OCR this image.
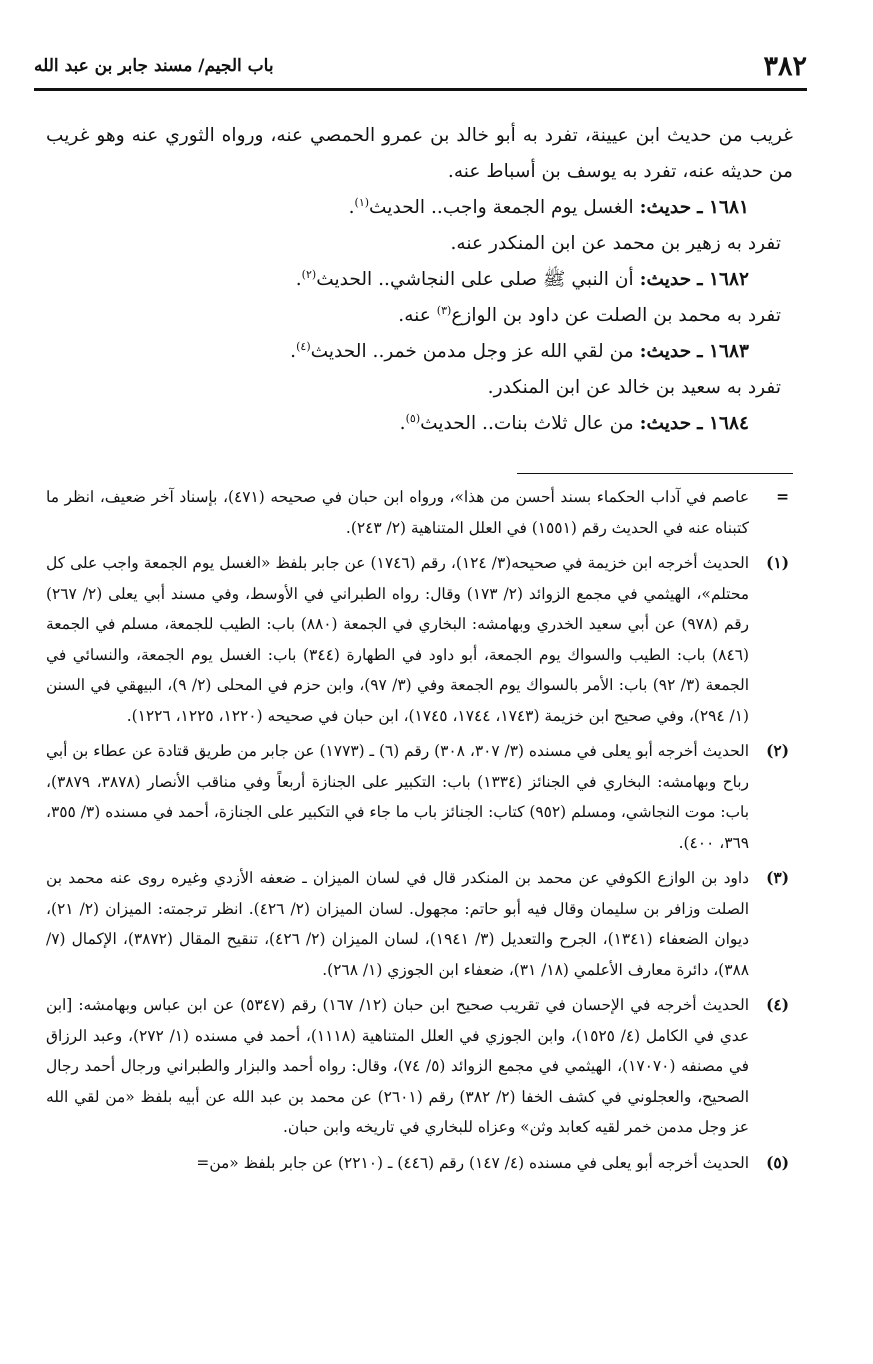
٣٨٢
باب الجيم/ مسند جابر بن عبد الله

غريب من حديث ابن عيينة، تفرد به أبو خالد بن عمرو الحمصي عنه، ورواه الثوري عنه وهو غريب من حديثه عنه، تفرد به يوسف بن أسباط عنه.

١٦٨١ ـ حديث: الغسل يوم الجمعة واجب.. الحديث$^{(١)}$.

تفرد به زهير بن محمد عن ابن المنكدر عنه.

١٦٨٢ ـ حديث: أن النبي ﷺ صلى على النجاشي.. الحديث$^{(٢)}$.

تفرد به محمد بن الصلت عن داود بن الوازع$^{(٣)}$ عنه.

١٦٨٣ ـ حديث: من لقي الله عز وجل مدمن خمر.. الحديث$^{(٤)}$.

تفرد به سعيد بن خالد عن ابن المنكدر.

١٦٨٤ ـ حديث: من عال ثلاث بنات.. الحديث$^{(٥)}$.

=
عاصم في آداب الحكماء بسند أحسن من هذا»، ورواه ابن حبان في صحيحه (٤٧١)، بإسناد آخر ضعيف، انظر ما كتبناه عنه في الحديث رقم (١٥٥١) في العلل المتناهية (٢/ ٢٤٣).
(١)
الحديث أخرجه ابن خزيمة في صحيحه(٣/ ١٢٤)، رقم (١٧٤٦) عن جابر بلفظ «الغسل يوم الجمعة واجب على كل محتلم»، الهيثمي في مجمع الزوائد (٢/ ١٧٣) وقال: رواه الطبراني في الأوسط، وفي مسند أبي يعلى (٢/ ٢٦٧) رقم (٩٧٨) عن أبي سعيد الخدري وبهامشه: البخاري في الجمعة (٨٨٠) باب: الطيب للجمعة، مسلم في الجمعة (٨٤٦) باب: الطيب والسواك يوم الجمعة، أبو داود في الطهارة (٣٤٤) باب: الغسل يوم الجمعة، والنسائي في الجمعة (٣/ ٩٢) باب: الأمر بالسواك يوم الجمعة وفي (٣/ ٩٧)، وابن حزم في المحلى (٢/ ٩)، البيهقي في السنن (١/ ٢٩٤)، وفي صحيح ابن خزيمة (١٧٤٣، ١٧٤٤، ١٧٤٥)، ابن حبان في صحيحه (١٢٢٠، ١٢٢٥، ١٢٢٦).
(٢)
الحديث أخرجه أبو يعلى في مسنده (٣/ ٣٠٧، ٣٠٨) رقم (٦) ـ (١٧٧٣) عن جابر من طريق قتادة عن عطاء بن أبي رباح وبهامشه: البخاري في الجنائز (١٣٣٤) باب: التكبير على الجنازة أربعاً وفي مناقب الأنصار (٣٨٧٨، ٣٨٧٩)، باب: موت النجاشي، ومسلم (٩٥٢) كتاب: الجنائز باب ما جاء في التكبير على الجنازة، أحمد في مسنده (٣/ ٣٥٥، ٣٦٩، ٤٠٠).
(٣)
داود بن الوازع الكوفي عن محمد بن المنكدر قال في لسان الميزان ـ ضعفه الأزدي وغيره روى عنه محمد بن الصلت وزافر بن سليمان وقال فيه أبو حاتم: مجهول. لسان الميزان (٢/ ٤٢٦). انظر ترجمته: الميزان (٢/ ٢١)، ديوان الضعفاء (١٣٤١)، الجرح والتعديل (٣/ ١٩٤١)، لسان الميزان (٢/ ٤٢٦)، تنقيح المقال (٣٨٧٢)، الإكمال (٧/ ٣٨٨)، دائرة معارف الأعلمي (١٨/ ٣١)، ضعفاء ابن الجوزي (١/ ٢٦٨).
(٤)
الحديث أخرجه في الإحسان في تقريب صحيح ابن حبان (١٢/ ١٦٧) رقم (٥٣٤٧) عن ابن عباس وبهامشه: [ابن عدي في الكامل (٤/ ١٥٢٥)، وابن الجوزي في العلل المتناهية (١١١٨)، أحمد في مسنده (١/ ٢٧٢)، وعبد الرزاق في مصنفه (١٧٠٧٠)، الهيثمي في مجمع الزوائد (٥/ ٧٤)، وقال: رواه أحمد والبزار والطبراني ورجال أحمد رجال الصحيح، والعجلوني في كشف الخفا (٢/ ٣٨٢) رقم (٢٦٠١) عن محمد بن عبد الله عن أبيه بلفظ «من لقي الله عز وجل مدمن خمر لقيه كعابد وثن» وعزاه للبخاري في تاريخه وابن حبان.
(٥)
الحديث أخرجه أبو يعلى في مسنده (٤/ ١٤٧) رقم (٤٤٦) ـ (٢٢١٠) عن جابر بلفظ «من=
